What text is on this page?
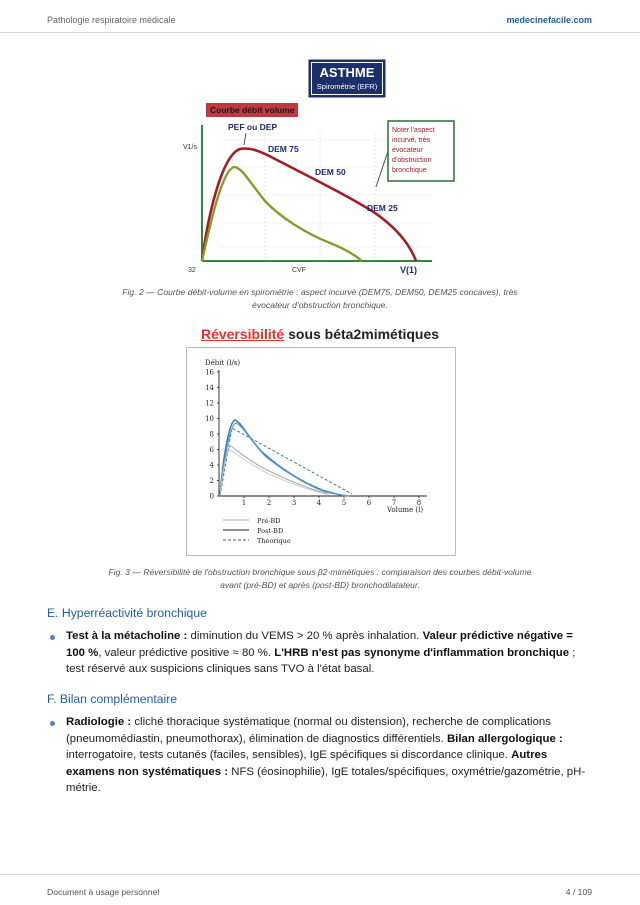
Pathologie respiratoire médicale	medecinefacile.com
ASTHME
Spirométrie (EFR)
Courbe débit volume
V1/s
32	CVF	V(1)
PEF ou DEP
DEM 75
DEM 50
DEM 25
Noter l'aspect
incurvé, très
évocateur
d'obstruction
bronchique
Fig. 2 — Courbe débit-volume en spirométrie : aspect incurvé (DEM75, DEM50, DEM25 concaves), très
évocateur d'obstruction bronchique.
Réversibilité sous béta2mimétiques
Débit (l/s)
0
2
4
6
8
10
12
14
16
1	2	3	4	5	6	7	8
Volume (l)
Pré-BD
Post-BD
Théorique
Fig. 3 — Réversibilité de l'obstruction bronchique sous β2-mimétiques : comparaison des courbes débit-volume
avant (pré-BD) et après (post-BD) bronchodilatateur.
E. Hyperréactivité bronchique
Test à la métacholine : diminution du VEMS > 20 % après inhalation. Valeur prédictive négative = 100 %, valeur prédictive positive ≈ 80 %. L'HRB n'est pas synonyme d'inflammation bronchique ; test réservé aux suspicions cliniques sans TVO à l'état basal.
F. Bilan complémentaire
Radiologie : cliché thoracique systématique (normal ou distension), recherche de complications (pneumomédiastin, pneumothorax), élimination de diagnostics différentiels. Bilan allergologique : interrogatoire, tests cutanés (faciles, sensibles), IgE spécifiques si discordance clinique. Autres examens non systématiques : NFS (éosinophilie), IgE totales/spécifiques, oxymétrie/gazométrie, pH-métrie.
Document à usage personnel	4 / 109
